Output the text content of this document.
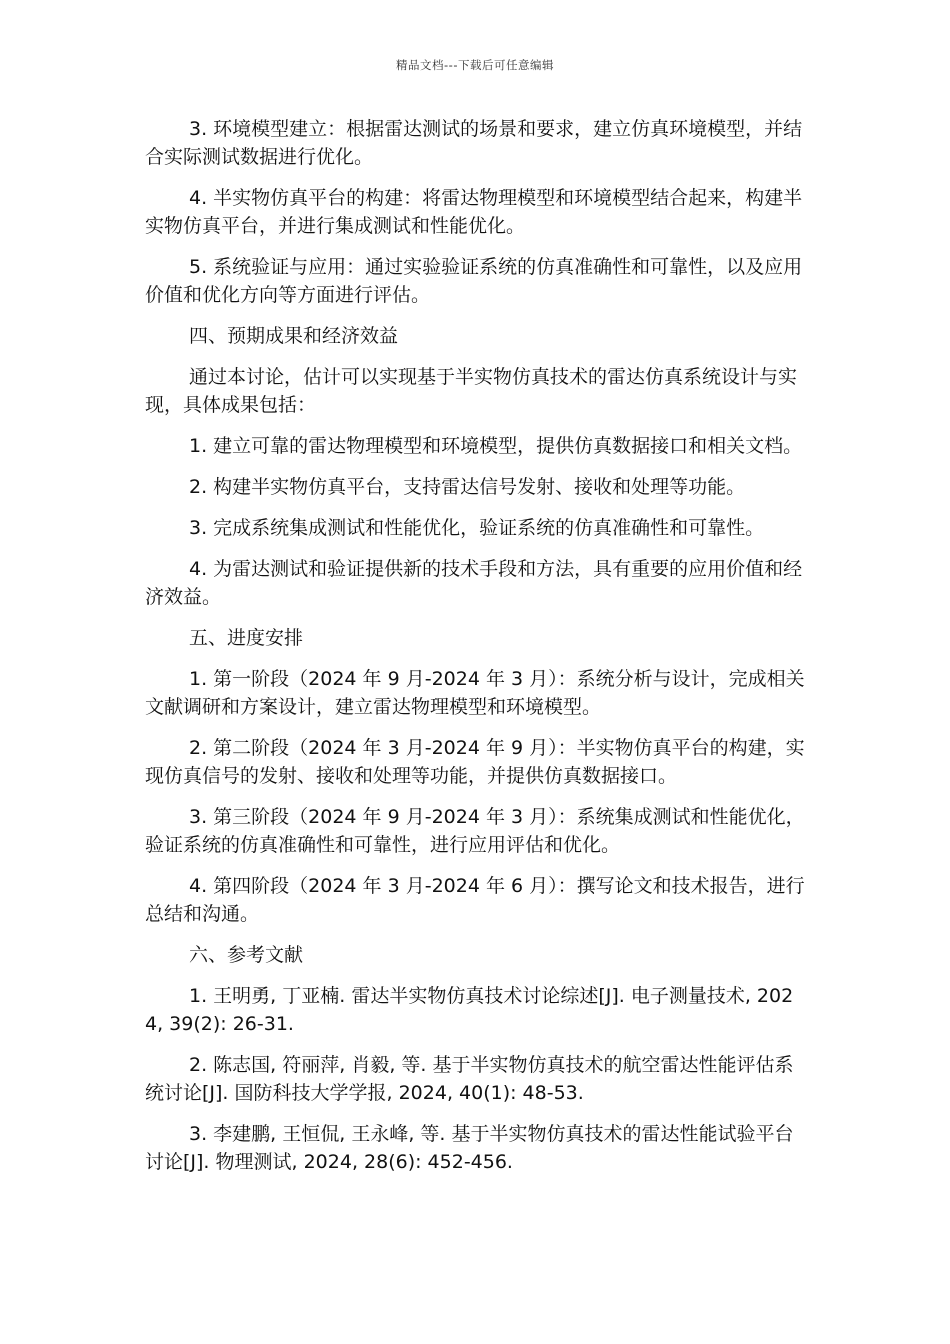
精品文档---下载后可任意编辑

3. 环境模型建立：根据雷达测试的场景和要求，建立仿真环境模型，并结合实际测试数据进行优化。

4. 半实物仿真平台的构建：将雷达物理模型和环境模型结合起来，构建半实物仿真平台，并进行集成测试和性能优化。

5. 系统验证与应用：通过实验验证系统的仿真准确性和可靠性，以及应用价值和优化方向等方面进行评估。

四、预期成果和经济效益

通过本讨论，估计可以实现基于半实物仿真技术的雷达仿真系统设计与实现，具体成果包括：

1. 建立可靠的雷达物理模型和环境模型，提供仿真数据接口和相关文档。

2. 构建半实物仿真平台，支持雷达信号发射、接收和处理等功能。

3. 完成系统集成测试和性能优化，验证系统的仿真准确性和可靠性。

4. 为雷达测试和验证提供新的技术手段和方法，具有重要的应用价值和经济效益。

五、进度安排

1. 第一阶段（2024 年 9 月-2024 年 3 月）：系统分析与设计，完成相关文献调研和方案设计，建立雷达物理模型和环境模型。

2. 第二阶段（2024 年 3 月-2024 年 9 月）：半实物仿真平台的构建，实现仿真信号的发射、接收和处理等功能，并提供仿真数据接口。

3. 第三阶段（2024 年 9 月-2024 年 3 月）：系统集成测试和性能优化，验证系统的仿真准确性和可靠性，进行应用评估和优化。

4. 第四阶段（2024 年 3 月-2024 年 6 月）：撰写论文和技术报告，进行总结和沟通。

六、参考文献

1. 王明勇, 丁亚楠. 雷达半实物仿真技术讨论综述[J]. 电子测量技术, 2024, 39(2): 26-31.

2. 陈志国, 符丽萍, 肖毅, 等. 基于半实物仿真技术的航空雷达性能评估系统讨论[J]. 国防科技大学学报, 2024, 40(1): 48-53.

3. 李建鹏, 王恒侃, 王永峰, 等. 基于半实物仿真技术的雷达性能试验平台讨论[J]. 物理测试, 2024, 28(6): 452-456.
